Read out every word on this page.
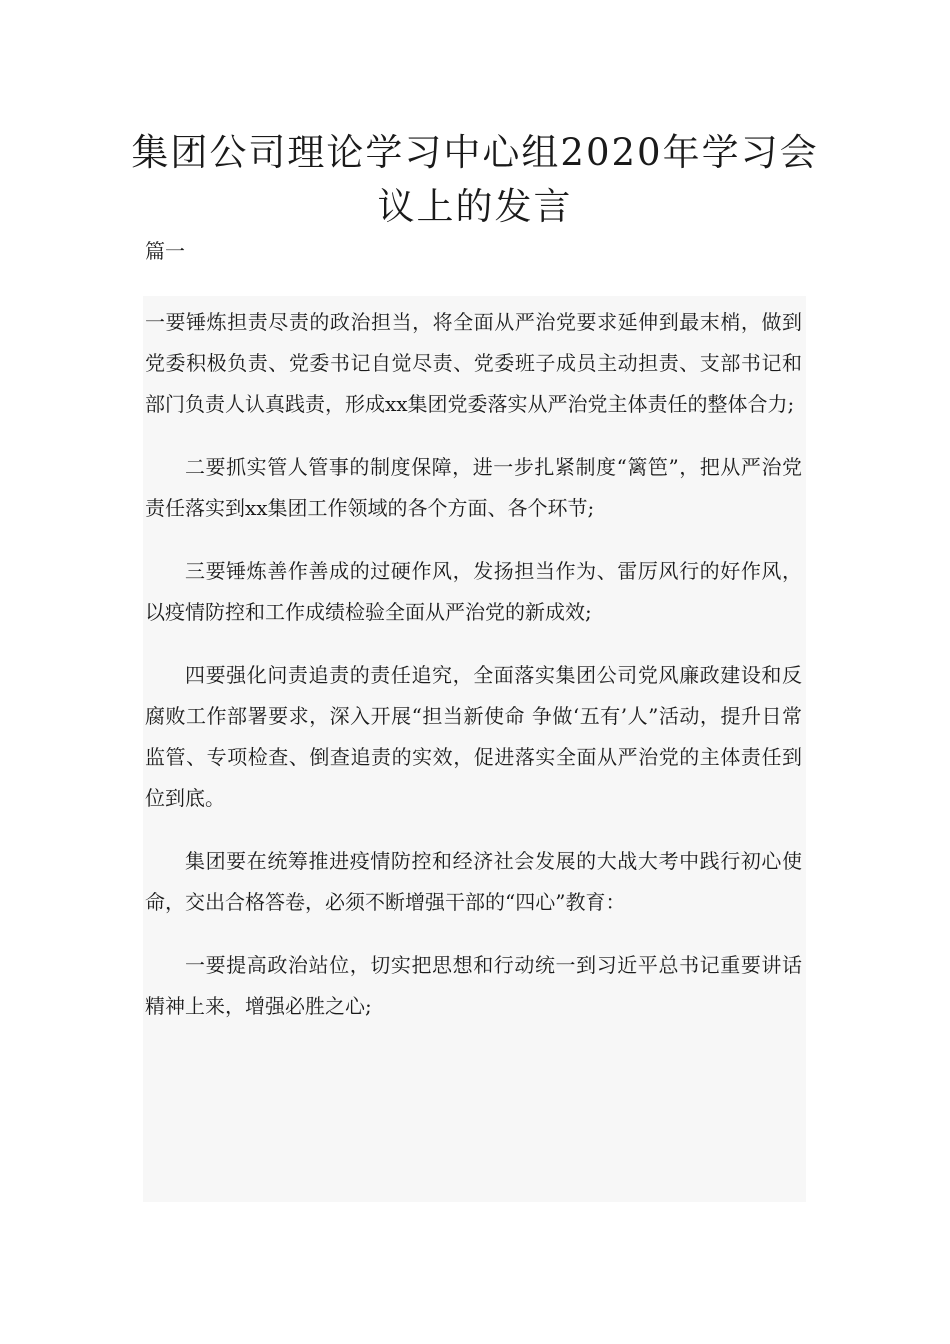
集团公司理论学习中心组2020年学习会议上的发言

篇一

一要锤炼担责尽责的政治担当，将全面从严治党要求延伸到最末梢，做到党委积极负责、党委书记自觉尽责、党委班子成员主动担责、支部书记和部门负责人认真践责，形成xx集团党委落实从严治党主体责任的整体合力;

二要抓实管人管事的制度保障，进一步扎紧制度“篱笆”，把从严治党责任落实到xx集团工作领域的各个方面、各个环节;

三要锤炼善作善成的过硬作风，发扬担当作为、雷厉风行的好作风，以疫情防控和工作成绩检验全面从严治党的新成效;

四要强化问责追责的责任追究，全面落实集团公司党风廉政建设和反腐败工作部署要求，深入开展“担当新使命 争做‘五有’人”活动，提升日常监管、专项检查、倒查追责的实效，促进落实全面从严治党的主体责任到位到底。

集团要在统筹推进疫情防控和经济社会发展的大战大考中践行初心使命，交出合格答卷，必须不断增强干部的“四心”教育：

一要提高政治站位，切实把思想和行动统一到习近平总书记重要讲话精神上来，增强必胜之心;
